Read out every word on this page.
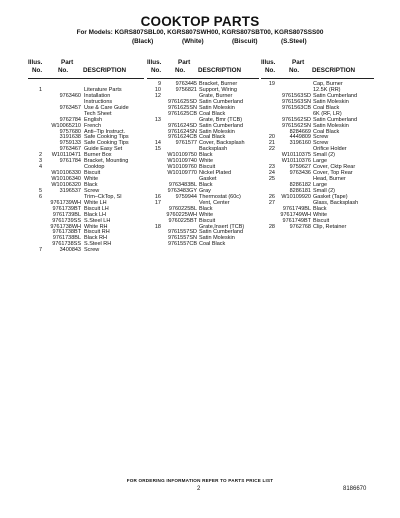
COOKTOP PARTS
For Models: KGRS807SBL00, KGRS807SWH00, KGRS807SBT00, KGRS807SSS00
(Black)	(White)	(Biscuit)	(S.Steel)
Illus.
No.
Part
No. DESCRIPTION
1	Literature Parts
9763460 Installation
Instructions
9763457 Use & Care Guide
Tech Sheet
9762784 English
W10065210 French
9757680 Anti–Tip Instruct.
3191638 Safe Cooking Tips
9759133 Safe Cooking Tips
9763467 Guide Easy Set
2	W10110471 Burner Box
3	9761784 Bracket, Mounting
4	Cooktop
W10106330 Biscuit
W10106340 White
W10106320 Black
5	3196537 Screw
6	Trim–CkTop, SI
9761739WH White LH
9761739BT Biscuit LH
9761739BL Black LH
9761739SS S.Steel LH
9761738WH White RH
9761738BT Biscuit RH
9761738BL Black RH
9761738SS S.Steel RH
7	3400843 Screw
Illus.
No.
Part
No. DESCRIPTION
9	9763445 Bracket, Burner
10	9756821 Support, Wiring
12	Grate, Burner
9761625SD Satin Cumberland
9761625SN Satin Moleskin
9761625CB Coal Black
13	Grate, Bmr (TCB)
9761624SD Satin Cumberland
9761624SN Satin Moleskin
9761624CB Coal Black
14	9761577 Cover, Backsplash
15	Backsplash
W10109750 Black
W10109740 White
W10109760 Biscuit
W10109770 Nickel Plated
Gasket
9763483BL Black
9763483GY Gray
16	9759944 Thermostat (60c)
17	Vent, Center
9760225BL Black
9760225WH White
9760225BT Biscuit
18	Grate,Insert (TCB)
9761557SD Satin Cumberland
9761557SN Satin Moleskin
9761557CB Coal Black
Illus.
No.
Part
No. DESCRIPTION
19	Cap, Burner
12.5K (RR)
9761563SD Satin Cumberland
9761563SN Satin Moleskin
9761563CB Coal Black
6K (RF, LR)
9761562SD Satin Cumberland
9761562SN Satin Moleskin
8284669 Coal Black
20	4449809 Screw
21	3196160 Screw
22	Orifice Holder
W10110375 Small (2)
W10110376 Large
23	9759627 Cover, Cktp Rear
24	9763436 Cover, Top Rear
25	Head, Burner
8286182 Large
8286181 Small (2)
26	W10109920 Gasket (Tape)
27	Glass, Backsplash
9761749BL Black
9761749WH White
9761749BT Biscuit
28	9762768 Clip, Retainer
FOR ORDERING INFORMATION REFER TO PARTS PRICE LIST
2	8186670
